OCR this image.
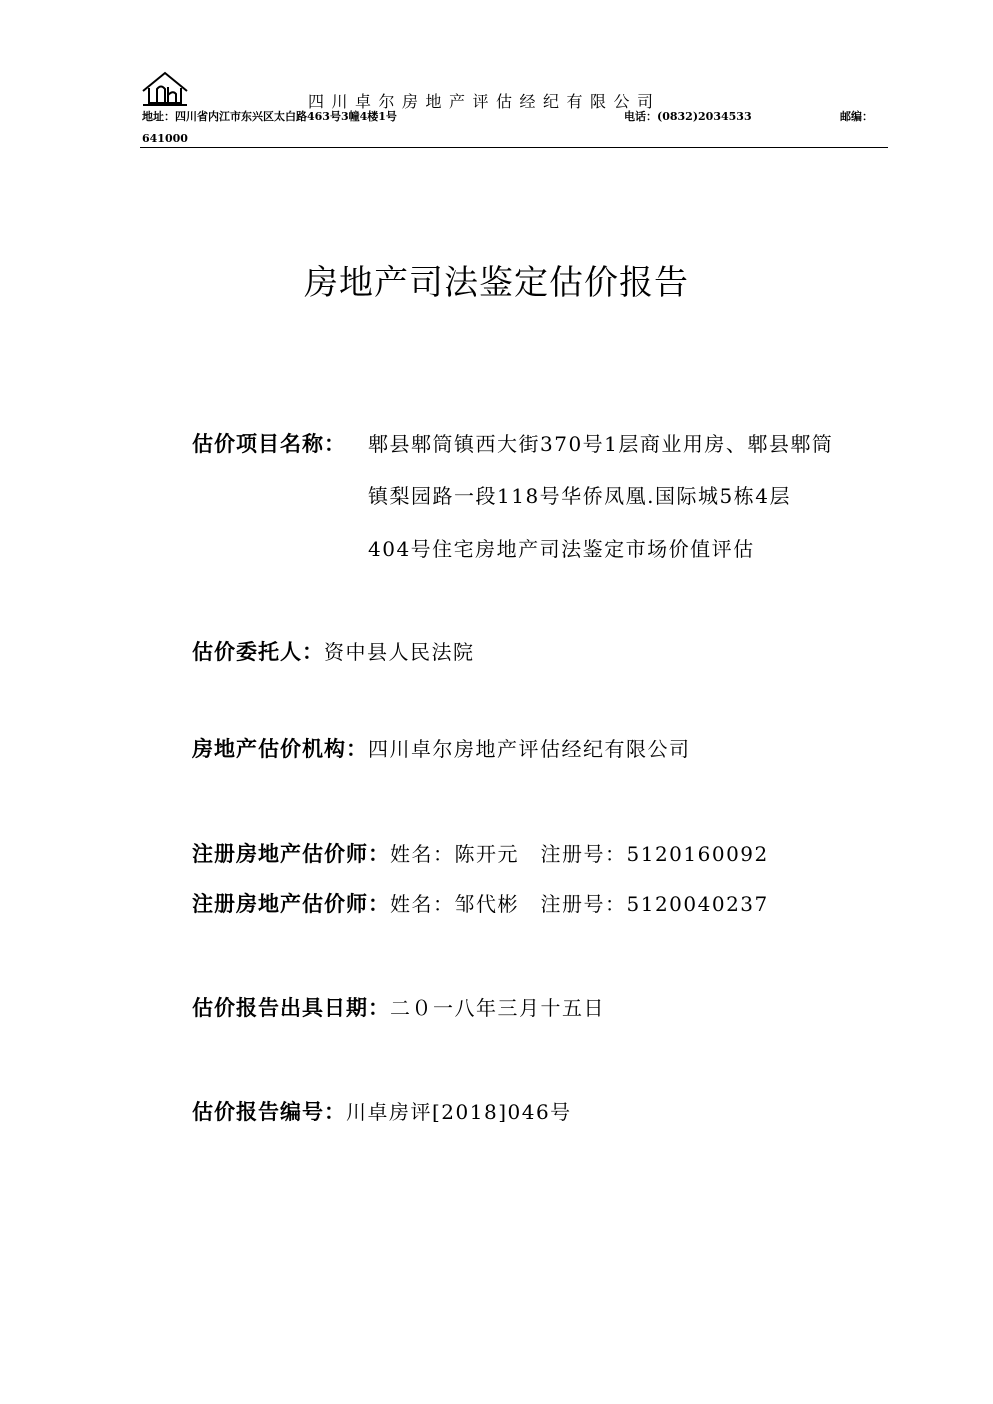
四川卓尔房地产评估经纪有限公司
地址：四川省内江市东兴区太白路463号3幢4楼1号	电话：(0832)2034533	邮编：
641000
房地产司法鉴定估价报告
估价项目名称： 郫县郫筒镇西大街370号1层商业用房、郫县郫筒
镇梨园路一段118号华侨凤凰.国际城5栋4层
404号住宅房地产司法鉴定市场价值评估
估价委托人：资中县人民法院
房地产估价机构：四川卓尔房地产评估经纪有限公司
注册房地产估价师：姓名：陈开元　注册号：5120160092
注册房地产估价师：姓名：邹代彬　注册号：5120040237
估价报告出具日期：二０一八年三月十五日
估价报告编号：川卓房评[2018]046号
